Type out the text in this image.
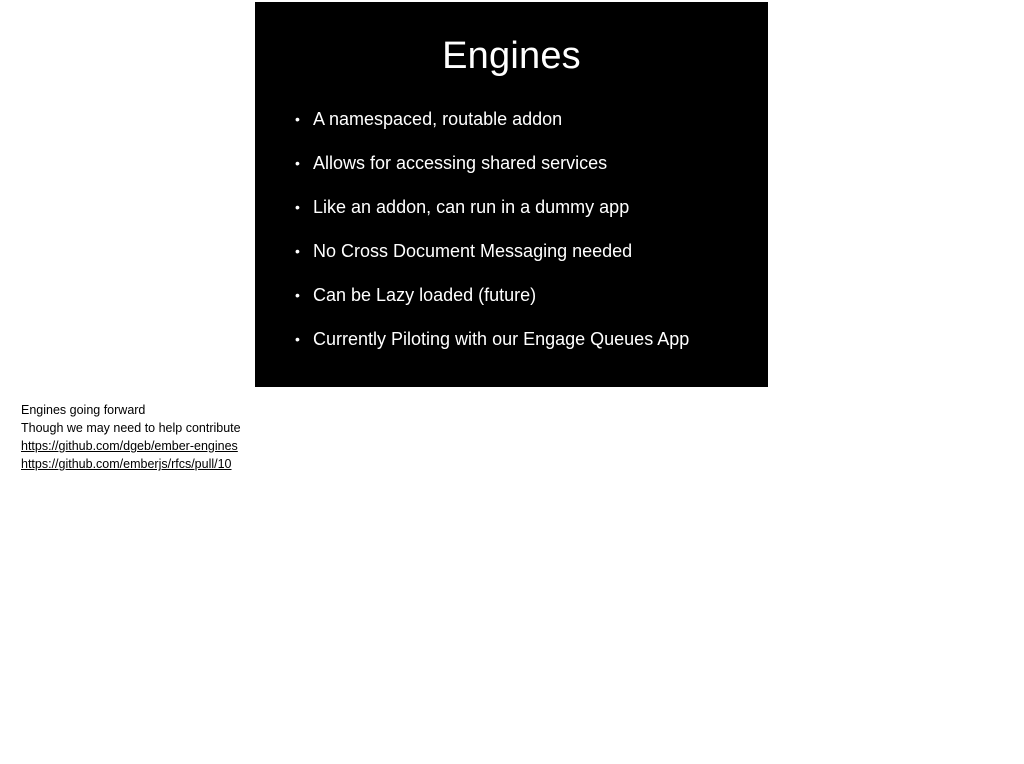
Engines
• A namespaced, routable addon
• Allows for accessing shared services
• Like an addon, can run in a dummy app
• No Cross Document Messaging needed
• Can be Lazy loaded (future)
• Currently Piloting with our Engage Queues App
Engines going forward
Though we may need to help contribute
https://github.com/dgeb/ember-engines
https://github.com/emberjs/rfcs/pull/10
